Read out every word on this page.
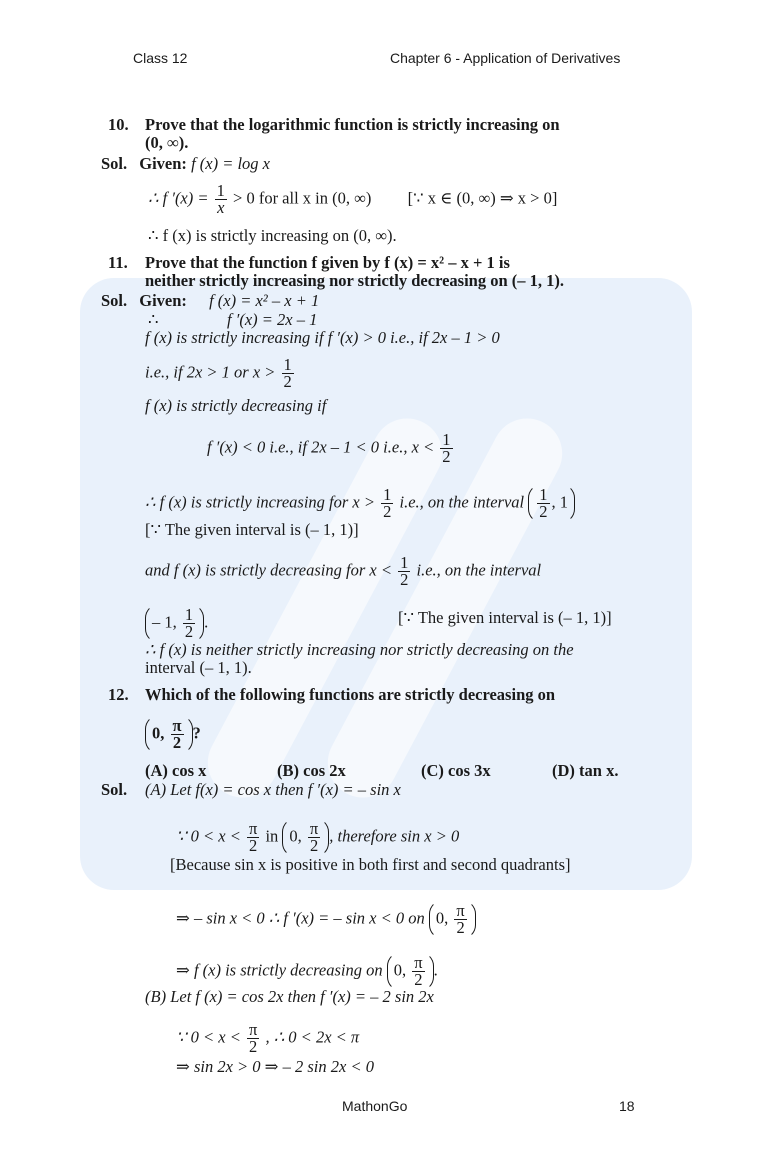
Class 12	Chapter 6 - Application of Derivatives
10. Prove that the logarithmic function is strictly increasing on
(0, ∞).
Sol. Given: f (x) = log x
∴ f $'(x) = \frac{1}{x} > 0$ for all x in (0, ∞) [∵ x ∈ (0, ∞) ⇒ x > 0]
∴ f (x) is strictly increasing on (0, ∞).
11. Prove that the function f given by f (x) = x² – x + 1 is
neither strictly increasing nor strictly decreasing on (– 1, 1).
Sol. Given: f (x) = x² – x + 1
∴	f ′(x) = 2x – 1
f (x) is strictly increasing if f ′(x) > 0 i.e., if 2x – 1 > 0
i.e., if 2x > 1 or $x > \frac{1}{2}$
f (x) is strictly decreasing if
f ′(x) < 0 i.e., if 2x – 1 < 0 i.e., $x < \frac{1}{2}$
∴ f (x) is strictly increasing for $x > \frac{1}{2} i.e$., on the interval $\frac{1}{2}$ , 1
[∵ The given interval is (– 1, 1)]
and f (x) is strictly decreasing for $x < \frac{1}{2} i.e$., on the interval
– 1, $\frac{1}{2}$ .	[∵ The given interval is (– 1, 1)]
∴ f (x) is neither strictly increasing nor strictly decreasing on the
interval (– 1, 1).
12. Which of the following functions are strictly decreasing on
0, $\frac{\pi}{2}$ ?
(A) cos x	(B) cos 2x	(C) cos 3x	(D) tan x.
Sol. (A) Let f(x) = cos x then f ′(x) = – sin x
∵ $0 < x < \frac{\pi}{2}$ in 0, $\frac{\pi}{2}$ , therefore sin x > 0
[Because sin x is positive in both first and second quadrants]
⇒ – sin x < 0 ∴ f ′(x) = – sin x < 0 on 0, $\frac{\pi}{2}$
⇒ f (x) is strictly decreasing on 0, $\frac{\pi}{2}$ .
(B) Let f (x) = cos 2x then f ′(x) = – 2 sin 2x
∵ $0 < x < \frac{\pi}{2}$ , ∴ 0 < 2x < π
⇒ sin 2x > 0 ⇒ – 2 sin 2x < 0
MathonGo	18
